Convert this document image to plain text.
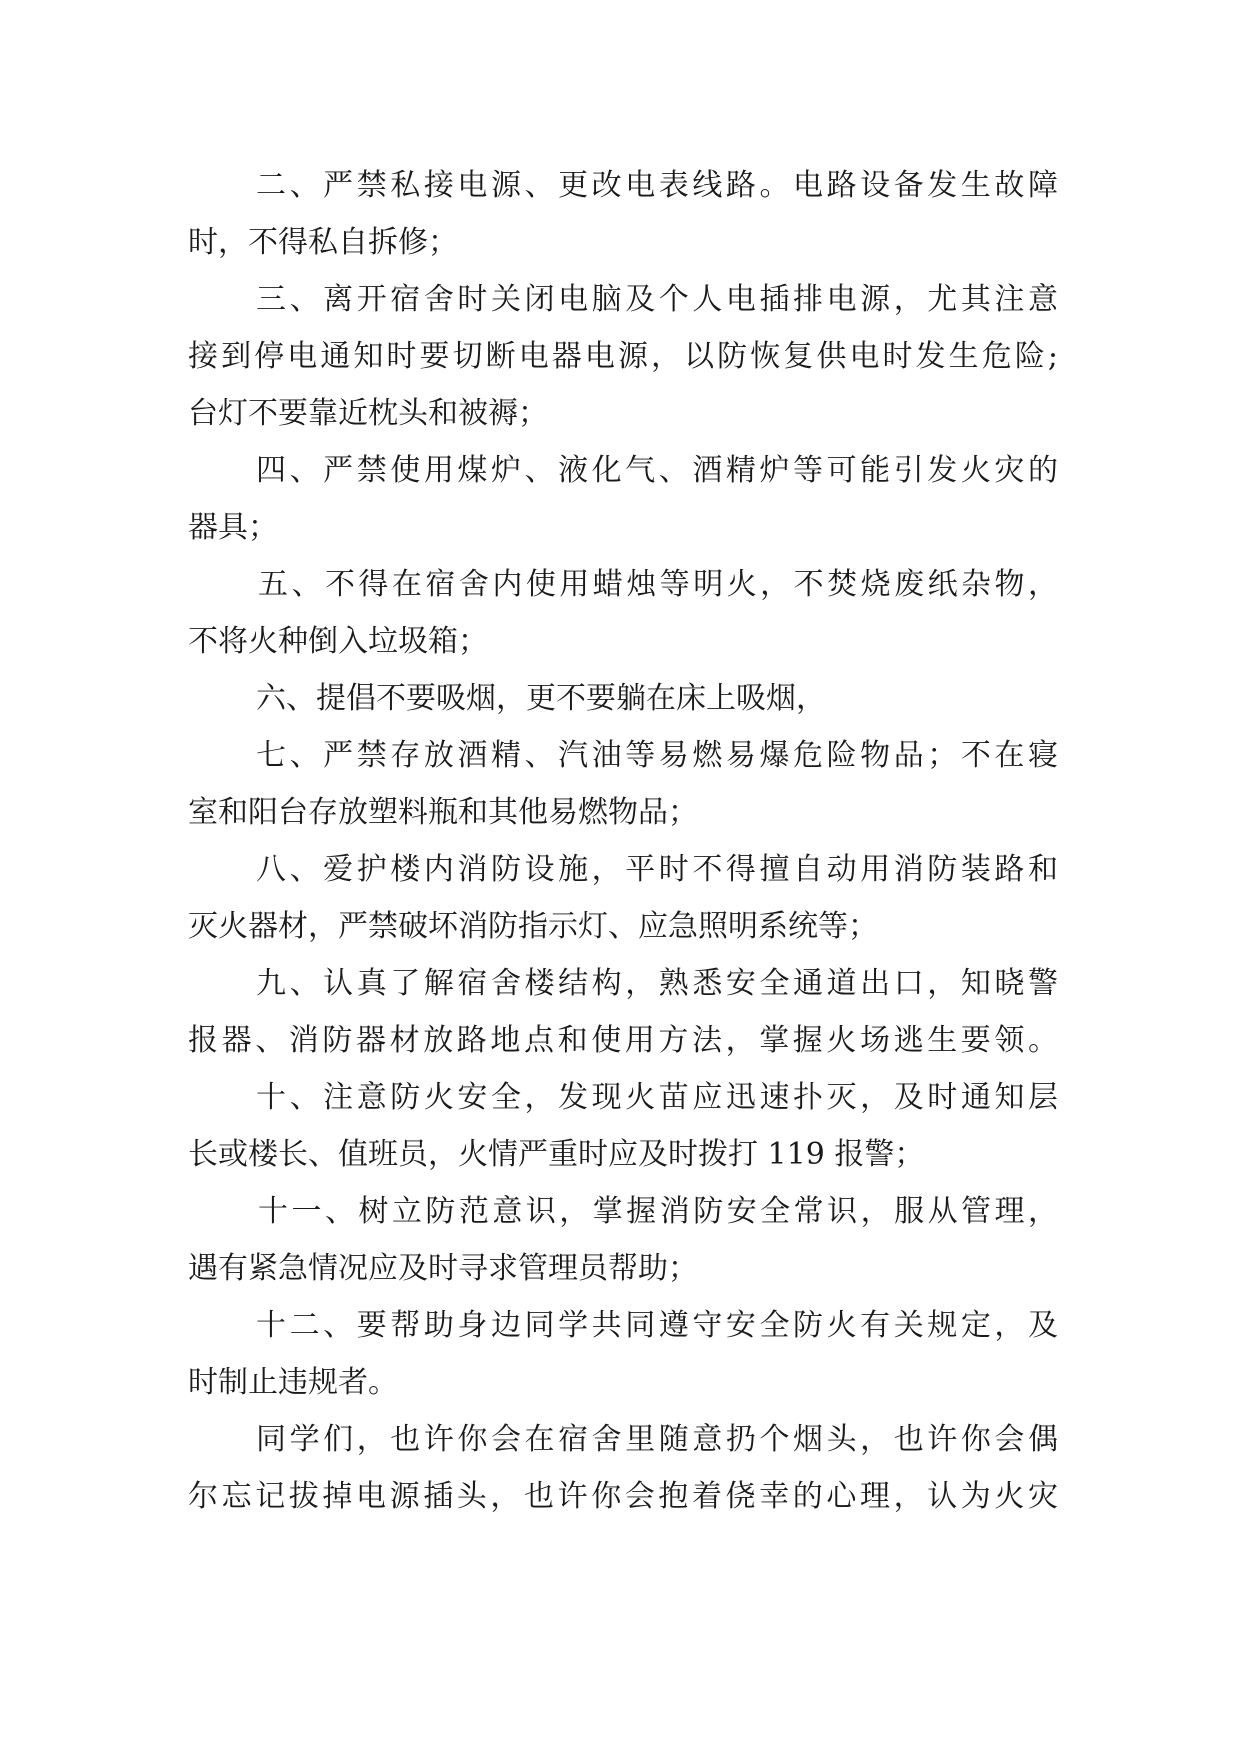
二、严禁私接电源、更改电表线路。电路设备发生故障
时，不得私自拆修；
三、离开宿舍时关闭电脑及个人电插排电源，尤其注意
接到停电通知时要切断电器电源，以防恢复供电时发生危险;
台灯不要靠近枕头和被褥；
四、严禁使用煤炉、液化气、酒精炉等可能引发火灾的
器具；
五、不得在宿舍内使用蜡烛等明火，不焚烧废纸杂物，
不将火种倒入垃圾箱；
六、提倡不要吸烟，更不要躺在床上吸烟，
七、严禁存放酒精、汽油等易燃易爆危险物品；不在寝
室和阳台存放塑料瓶和其他易燃物品；
八、爱护楼内消防设施，平时不得擅自动用消防装路和
灭火器材，严禁破坏消防指示灯、应急照明系统等；
九、认真了解宿舍楼结构，熟悉安全通道出口，知晓警
报器、消防器材放路地点和使用方法，掌握火场逃生要领。
十、注意防火安全，发现火苗应迅速扑灭，及时通知层
长或楼长、值班员，火情严重时应及时拨打 119 报警；
十一、树立防范意识，掌握消防安全常识，服从管理，
遇有紧急情况应及时寻求管理员帮助；
十二、要帮助身边同学共同遵守安全防火有关规定，及
时制止违规者。
同学们，也许你会在宿舍里随意扔个烟头，也许你会偶
尔忘记拔掉电源插头，也许你会抱着侥幸的心理，认为火灾
